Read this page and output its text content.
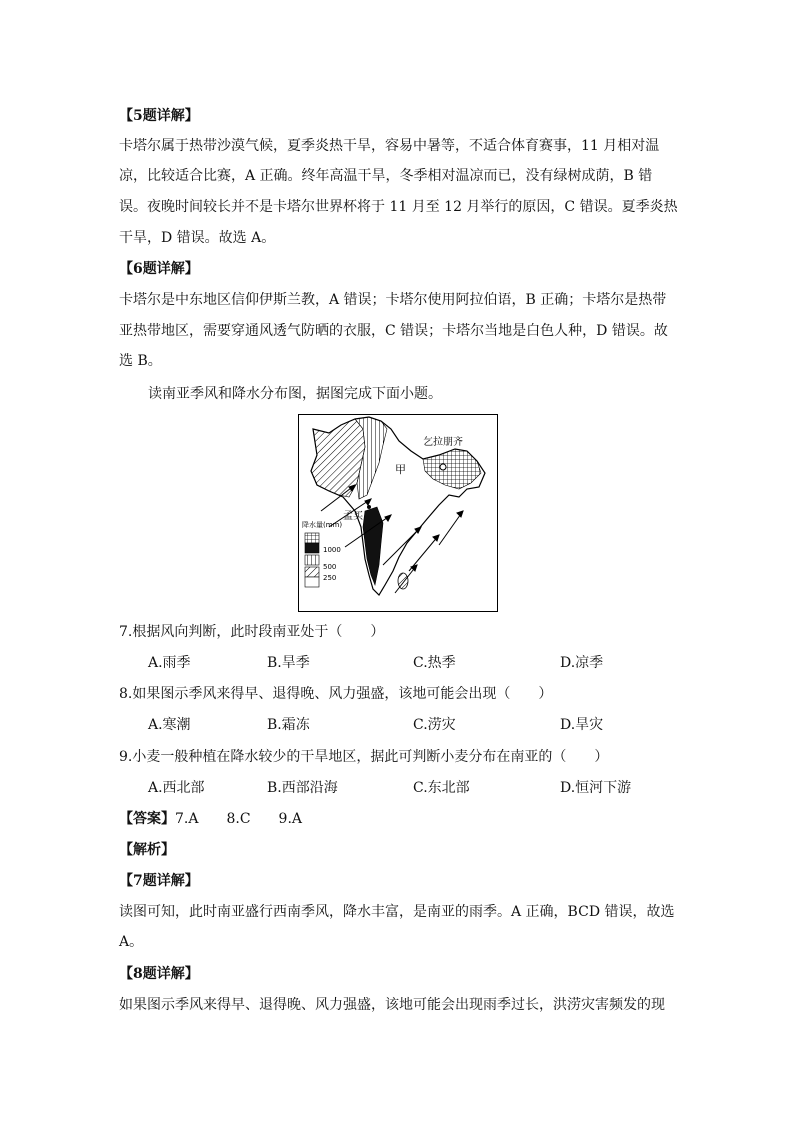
【5题详解】
卡塔尔属于热带沙漠气候，夏季炎热干旱，容易中暑等，不适合体育赛事，11 月相对温
凉，比较适合比赛，A 正确。终年高温干旱，冬季相对温凉而已，没有绿树成荫，B 错
误。夜晚时间较长并不是卡塔尔世界杯将于 11 月至 12 月举行的原因，C 错误。夏季炎热
干旱，D 错误。故选 A。
【6题详解】
卡塔尔是中东地区信仰伊斯兰教，A 错误；卡塔尔使用阿拉伯语，B 正确；卡塔尔是热带
亚热带地区，需要穿通风透气防晒的衣服，C 错误；卡塔尔当地是白色人种，D 错误。故
选 B。
读南亚季风和降水分布图，据图完成下面小题。
乞拉朋齐
甲
孟买
降水量(mm)
1000
500
250
7.根据风向判断，此时段南亚处于（　　）
A.雨季	B.旱季	C.热季	D.凉季
8.如果图示季风来得早、退得晚、风力强盛，该地可能会出现（　　）
A.寒潮	B.霜冻	C.涝灾	D.旱灾
9.小麦一般种植在降水较少的干旱地区，据此可判断小麦分布在南亚的（　　）
A.西北部	B.西部沿海	C.东北部	D.恒河下游
【答案】7.A　　8.C　　9.A
【解析】
【7题详解】
读图可知，此时南亚盛行西南季风，降水丰富，是南亚的雨季。A 正确，BCD 错误，故选
A。
【8题详解】
如果图示季风来得早、退得晚、风力强盛，该地可能会出现雨季过长，洪涝灾害频发的现
